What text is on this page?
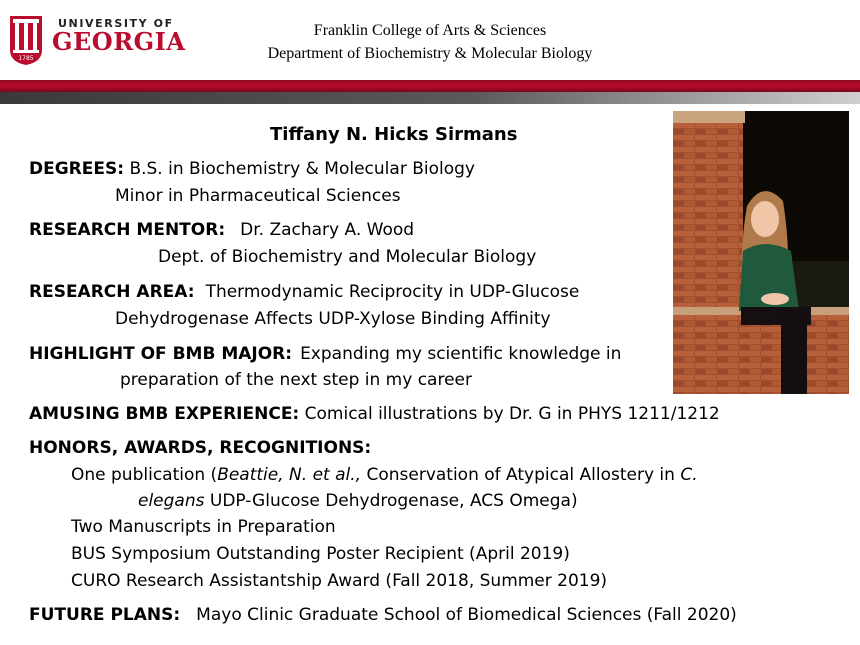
1785
UNIVERSITY OF
GEORGIA	Franklin College of Arts & Sciences
Department of Biochemistry & Molecular Biology
Tiffany N. Hicks Sirmans
DEGREES: B.S. in Biochemistry & Molecular Biology
Minor in Pharmaceutical Sciences
RESEARCH MENTOR: Dr. Zachary A. Wood
Dept. of Biochemistry and Molecular Biology
RESEARCH AREA: Thermodynamic Reciprocity in UDP-Glucose
Dehydrogenase Affects UDP-Xylose Binding Affinity
HIGHLIGHT OF BMB MAJOR: Expanding my scientific knowledge in
preparation of the next step in my career
AMUSING BMB EXPERIENCE: Comical illustrations by Dr. G in PHYS 1211/1212
HONORS, AWARDS, RECOGNITIONS:
One publication (Beattie, N. et al., Conservation of Atypical Allostery in C.
elegans UDP-Glucose Dehydrogenase, ACS Omega)
Two Manuscripts in Preparation
BUS Symposium Outstanding Poster Recipient (April 2019)
CURO Research Assistantship Award (Fall 2018, Summer 2019)
FUTURE PLANS: Mayo Clinic Graduate School of Biomedical Sciences (Fall 2020)
